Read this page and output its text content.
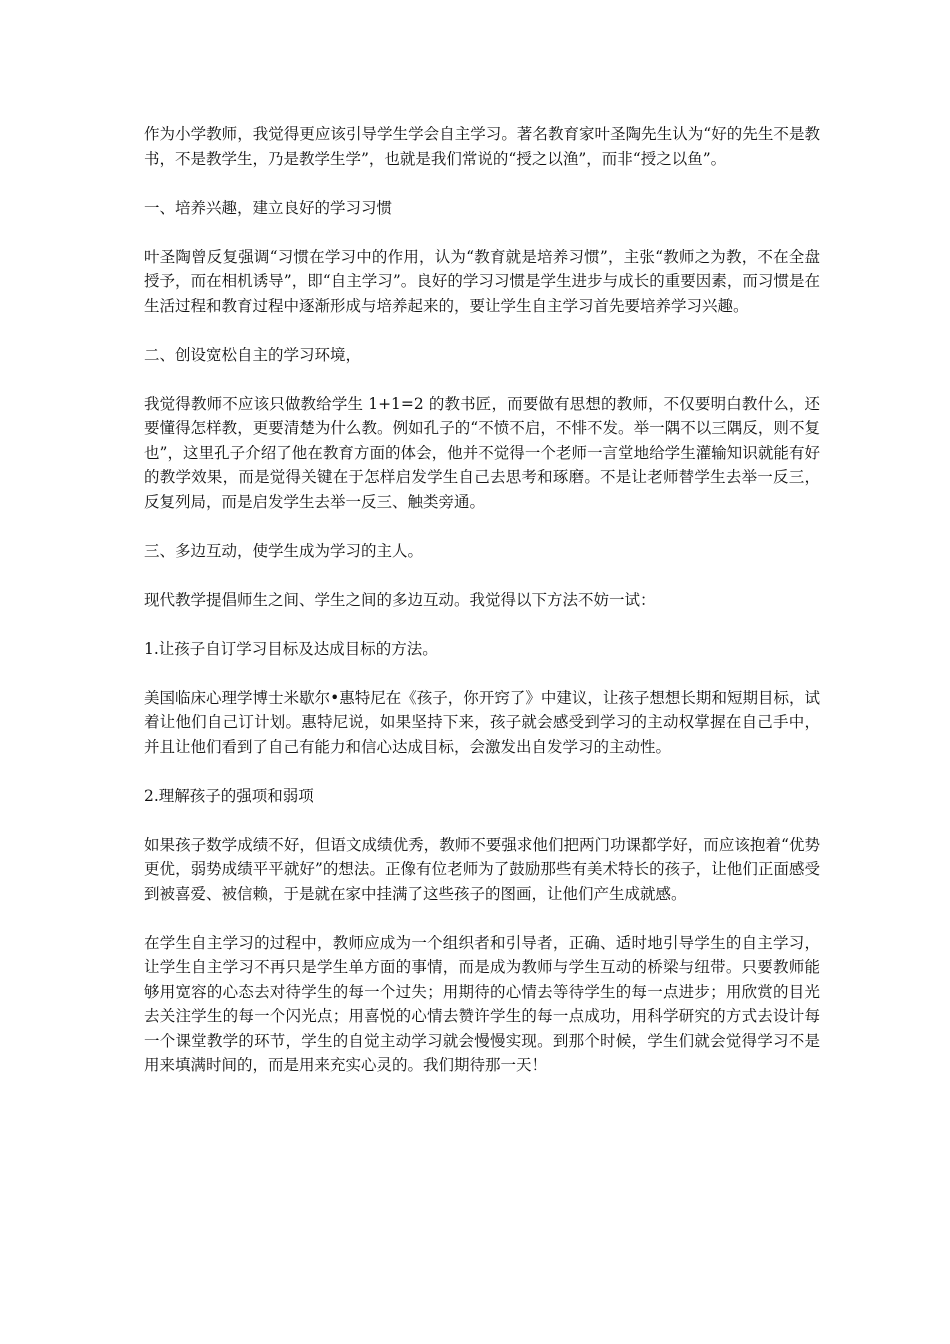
作为小学教师，我觉得更应该引导学生学会自主学习。著名教育家叶圣陶先生认为“好的先生不是教书，不是教学生，乃是教学生学”，也就是我们常说的“授之以渔”，而非“授之以鱼”。

一、培养兴趣，建立良好的学习习惯

叶圣陶曾反复强调“习惯在学习中的作用，认为“教育就是培养习惯”，主张“教师之为教，不在全盘授予，而在相机诱导”，即“自主学习”。良好的学习习惯是学生进步与成长的重要因素，而习惯是在生活过程和教育过程中逐渐形成与培养起来的，要让学生自主学习首先要培养学习兴趣。

二、创设宽松自主的学习环境，

我觉得教师不应该只做教给学生 1+1=2 的教书匠，而要做有思想的教师，不仅要明白教什么，还要懂得怎样教，更要清楚为什么教。例如孔子的“不愤不启，不悱不发。举一隅不以三隅反，则不复也”，这里孔子介绍了他在教育方面的体会，他并不觉得一个老师一言堂地给学生灌输知识就能有好的教学效果，而是觉得关键在于怎样启发学生自己去思考和琢磨。不是让老师替学生去举一反三，反复列局，而是启发学生去举一反三、触类旁通。

三、多边互动，使学生成为学习的主人。

现代教学提倡师生之间、学生之间的多边互动。我觉得以下方法不妨一试：

1.让孩子自订学习目标及达成目标的方法。

美国临床心理学博士米歇尔•惠特尼在《孩子，你开窍了》中建议，让孩子想想长期和短期目标，试着让他们自己订计划。惠特尼说，如果坚持下来，孩子就会感受到学习的主动权掌握在自己手中，并且让他们看到了自己有能力和信心达成目标，会激发出自发学习的主动性。

2.理解孩子的强项和弱项

如果孩子数学成绩不好，但语文成绩优秀，教师不要强求他们把两门功课都学好，而应该抱着“优势更优，弱势成绩平平就好”的想法。正像有位老师为了鼓励那些有美术特长的孩子，让他们正面感受到被喜爱、被信赖，于是就在家中挂满了这些孩子的图画，让他们产生成就感。

在学生自主学习的过程中，教师应成为一个组织者和引导者，正确、适时地引导学生的自主学习，让学生自主学习不再只是学生单方面的事情，而是成为教师与学生互动的桥梁与纽带。只要教师能够用宽容的心态去对待学生的每一个过失；用期待的心情去等待学生的每一点进步；用欣赏的目光去关注学生的每一个闪光点；用喜悦的心情去赞许学生的每一点成功，用科学研究的方式去设计每一个课堂教学的环节，学生的自觉主动学习就会慢慢实现。到那个时候，学生们就会觉得学习不是用来填满时间的，而是用来充实心灵的。我们期待那一天！
